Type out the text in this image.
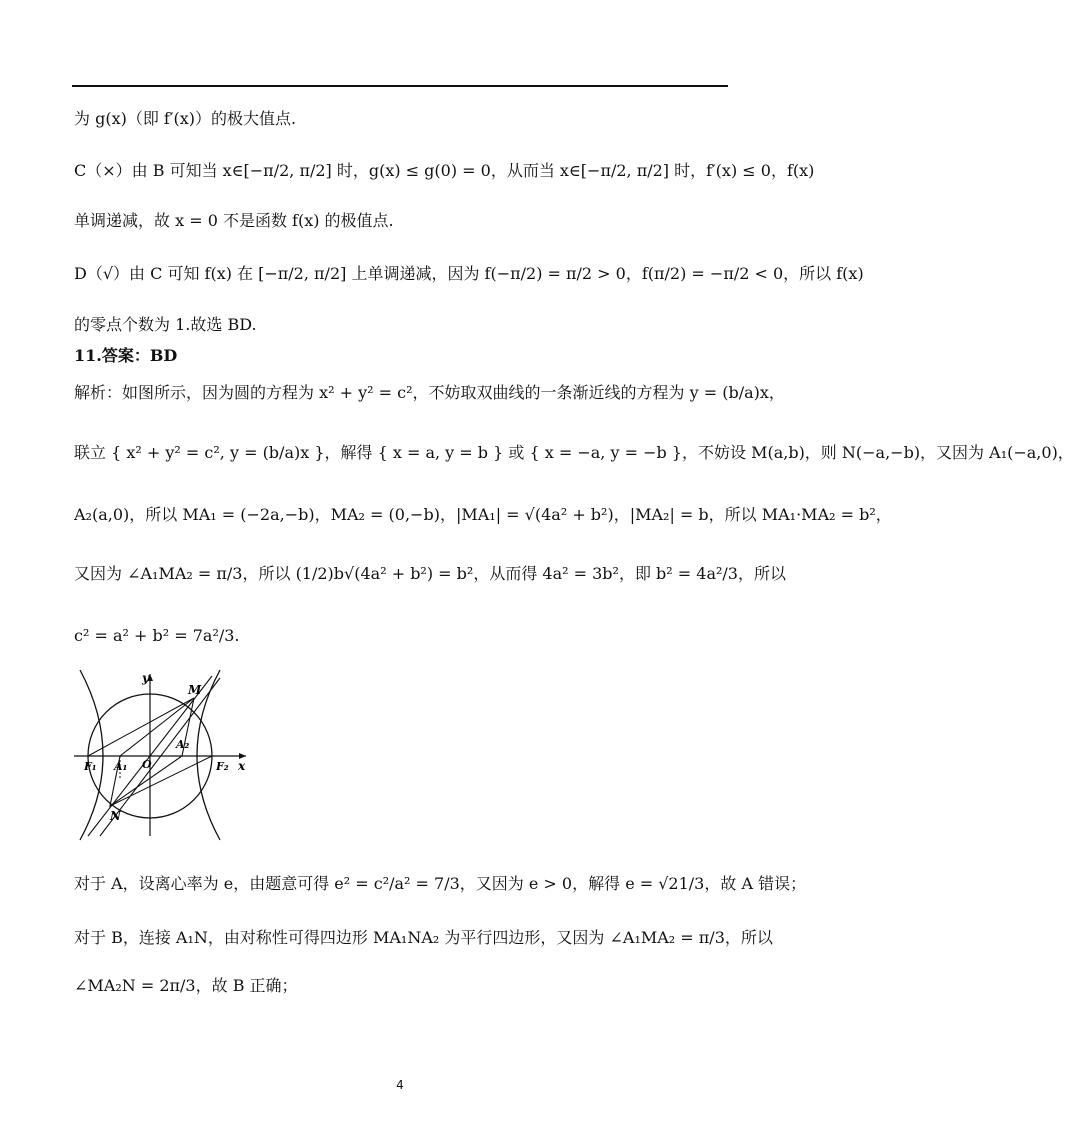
为 g(x)（即 f′(x)）的极大值点.
C（×）由 B 可知当 x∈[−π/2, π/2] 时，g(x) ≤ g(0) = 0，从而当 x∈[−π/2, π/2] 时，f′(x) ≤ 0，f(x)
单调递减，故 x = 0 不是函数 f(x) 的极值点.
D（√）由 C 可知 f(x) 在 [−π/2, π/2] 上单调递减，因为 f(−π/2) = π/2 > 0，f(π/2) = −π/2 < 0，所以 f(x)
的零点个数为 1.故选 BD.
11.答案：BD
解析：如图所示，因为圆的方程为 x² + y² = c²，不妨取双曲线的一条渐近线的方程为 y = (b/a)x，
联立 { x² + y² = c², y = (b/a)x }，解得 { x = a, y = b } 或 { x = −a, y = −b }，不妨设 M(a,b)，则 N(−a,−b)，又因为 A₁(−a,0)，
A₂(a,0)，所以 MA₁ = (−2a,−b)，MA₂ = (0,−b)，|MA₁| = √(4a² + b²)，|MA₂| = b，所以 MA₁·MA₂ = b²，
又因为 ∠A₁MA₂ = π/3，所以 (1/2)b√(4a² + b²) = b²，从而得 4a² = 3b²，即 b² = 4a²/3，所以
c² = a² + b² = 7a²/3.
y
x
M
N
O
A₁
A₂
F₁	F₂
对于 A，设离心率为 e，由题意可得 e² = c²/a² = 7/3，又因为 e > 0，解得 e = √21/3，故 A 错误；
对于 B，连接 A₁N，由对称性可得四边形 MA₁NA₂ 为平行四边形，又因为 ∠A₁MA₂ = π/3，所以
∠MA₂N = 2π/3，故 B 正确；
4
